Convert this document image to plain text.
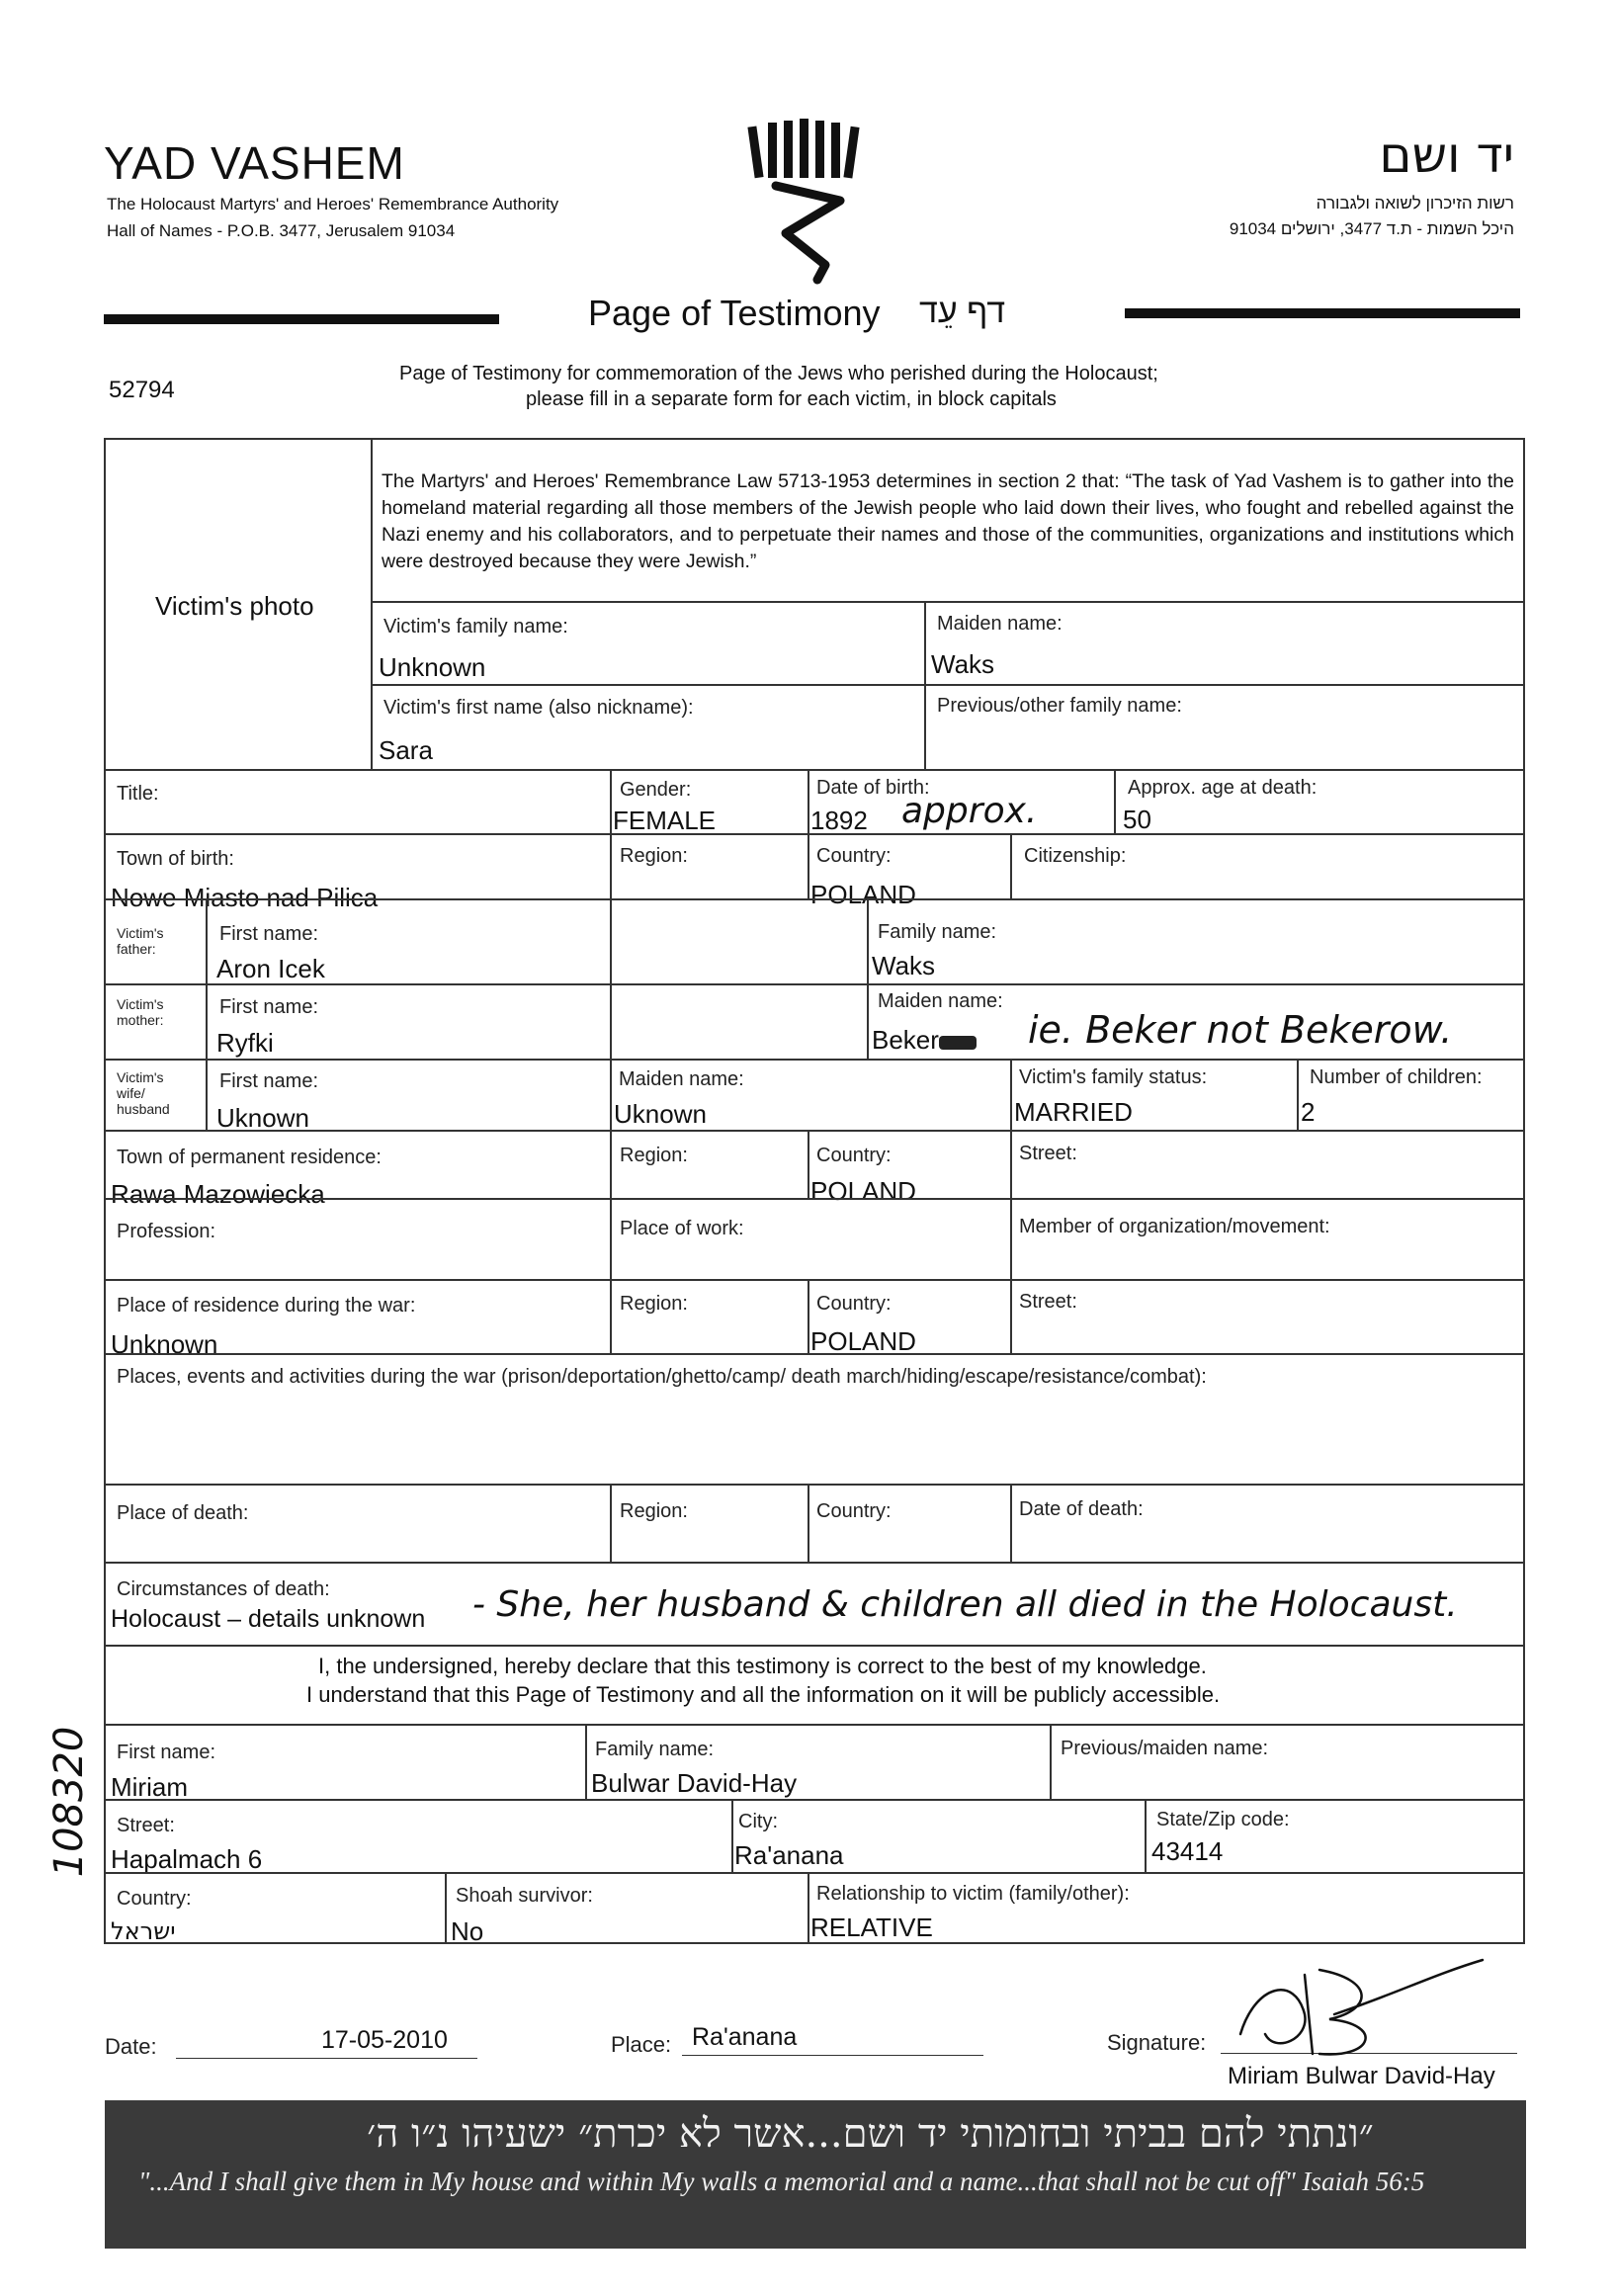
YAD VASHEM
The Holocaust Martyrs' and Heroes' Remembrance Authority
Hall of Names - P.O.B. 3477, Jerusalem 91034
יד ושם
רשות הזיכרון לשואה ולגבורה
היכל השמות - ת.ד 3477, ירושלים 91034
Page of Testimony דף עֵד
52794
Page of Testimony for commemoration of the Jews who perished during the Holocaust;
please fill in a separate form for each victim, in block capitals
Victim's photo
The Martyrs' and Heroes' Remembrance Law 5713-1953 determines in section 2 that: “The task of Yad Vashem is to gather into the homeland material regarding all those members of the Jewish people who laid down their lives, who fought and rebelled against the Nazi enemy and his collaborators, and to perpetuate their names and those of the communities, organizations and institutions which were destroyed because they were Jewish.”
Victim's family name:
Unknown
Maiden name:
Waks
Victim's first name (also nickname):
Sara
Previous/other family name:
Title:	Gender:
FEMALE
Date of birth:
1892 approx.
Approx. age at death:
50
Town of birth:
Nowe Miasto nad Pilica
Region:	Country:
POLAND
Citizenship:
Victim's father:
First name:
Aron Icek
Family name:
Waks
Victim's mother:
First name:
Ryfki
Maiden name:
Beker ie. Beker not Bekerow.
Victim's wife/ husband
First name:
Uknown
Maiden name:
Uknown
Victim's family status:
MARRIED
Number of children:
2
Town of permanent residence:
Rawa Mazowiecka
Region:	Country:
POLAND
Street:
Profession:	Place of work:	Member of organization/movement:
Place of residence during the war:
Unknown
Region:	Country:
POLAND
Street:
Places, events and activities during the war (prison/deportation/ghetto/camp/ death march/hiding/escape/resistance/combat):
Place of death:	Region:	Country:	Date of death:
Circumstances of death:
Holocaust – details unknown - She, her husband & children all died in the Holocaust.
I, the undersigned, hereby declare that this testimony is correct to the best of my knowledge.
I understand that this Page of Testimony and all the information on it will be publicly accessible.
First name:
Miriam
Family name:
Bulwar David-Hay
Previous/maiden name:
Street:
Hapalmach 6
City:
Ra'anana
State/Zip code:
43414
Country:
ישראל
Shoah survivor:
No
Relationship to victim (family/other):
RELATIVE
108320
Date:	17-05-2010	Place: Ra'anana	Signature:
Miriam Bulwar David-Hay
״ונתתי להם בביתי ובחומותי יד ושם...אשר לא יכרת״ ישעיהו נ״ו ה׳
"...And I shall give them in My house and within My walls a memorial and a name...that shall not be cut off" Isaiah 56:5
